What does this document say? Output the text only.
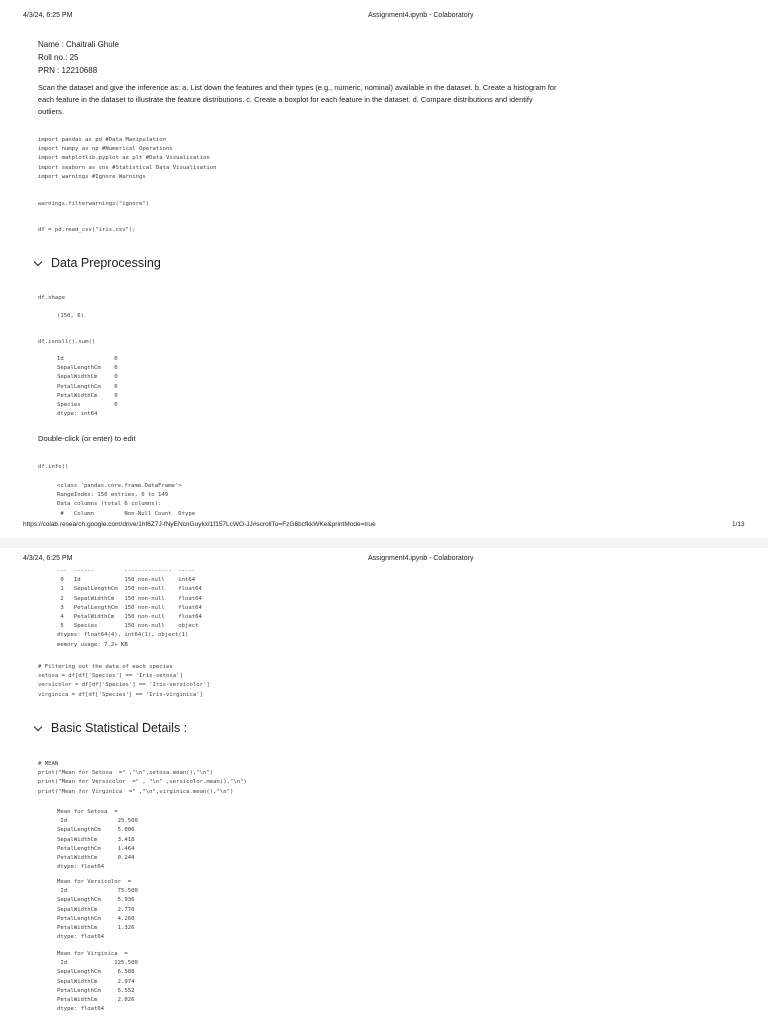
4/3/24, 6:25 PM	Assignment4.ipynb - Colaboratory
Name : Chaitrali Ghule
Roll no.: 25
PRN : 12210688
Scan the dataset and give the inference as: a. List down the features and their types (e.g., numeric, nominal) available in the dataset. b. Create a histogram for each feature in the dataset to illustrate the feature distributions. c. Create a boxplot for each feature in the dataset. d. Compare distributions and identify outliers.
import pandas as pd #Data Manipulation
import numpy as np #Numerical Operations
import matplotlib.pyplot as plt #Data Visualisation
import seaborn as sns #Statistical Data Visualisation
import warnings #Ignore Warnings
warnings.filterwarnings("ignore")
df = pd.read_csv("iris.csv");
Data Preprocessing
df.shape
(150, 6)
df.isnull().sum()
Id               0
SepalLengthCm    0
SepalWidthCm     0
PetalLengthCm    0
PetalWidthCm     0
Species          0
dtype: int64
Double-click (or enter) to edit
df.info()
<class 'pandas.core.frame.DataFrame'>
RangeIndex: 150 entries, 0 to 149
Data columns (total 6 columns):
#   Column         Non-Null Count  Dtype
https://colab.research.google.com/drive/1hf6Z7J-fNyENcnGuykxI1f157LcWO-JJ#scrollTo=FzG6bcfkkWKe&printMode=true	1/13
4/3/24, 6:25 PM	Assignment4.ipynb - Colaboratory
---  ------         --------------  -----
0   Id             150 non-null    int64
1   SepalLengthCm  150 non-null    float64
2   SepalWidthCm   150 non-null    float64
3   PetalLengthCm  150 non-null    float64
4   PetalWidthCm   150 non-null    float64
5   Species        150 non-null    object
dtypes: float64(4), int64(1), object(1)
memory usage: 7.2+ KB
# Filtering out the data of each species
setosa = df[df['Species'] == 'Iris-setosa']
versicolor = df[df['Species'] == 'Iris-versicolor']
virginica = df[df['Species'] == 'Iris-virginica']
Basic Statistical Details :
# MEAN
print("Mean for Setosa  =" ,"\n",setosa.mean(),"\n")
print("Mean for Versicolor  =" , "\n" ,versicolor.mean(),"\n")
print("Mean for Virginica  =" ,"\n",virginica.mean(),"\n")
Mean for Setosa  =
Id               25.500
SepalLengthCm     5.006
SepalWidthCm      3.418
PetalLengthCm     1.464
PetalWidthCm      0.244
dtype: float64
Mean for Versicolor  =
Id               75.500
SepalLengthCm     5.936
SepalWidthCm      2.770
PetalLengthCm     4.260
PetalWidthCm      1.326
dtype: float64
Mean for Virginica  =
Id              125.500
SepalLengthCm     6.588
SepalWidthCm      2.974
PetalLengthCm     5.552
PetalWidthCm      2.026
dtype: float64
